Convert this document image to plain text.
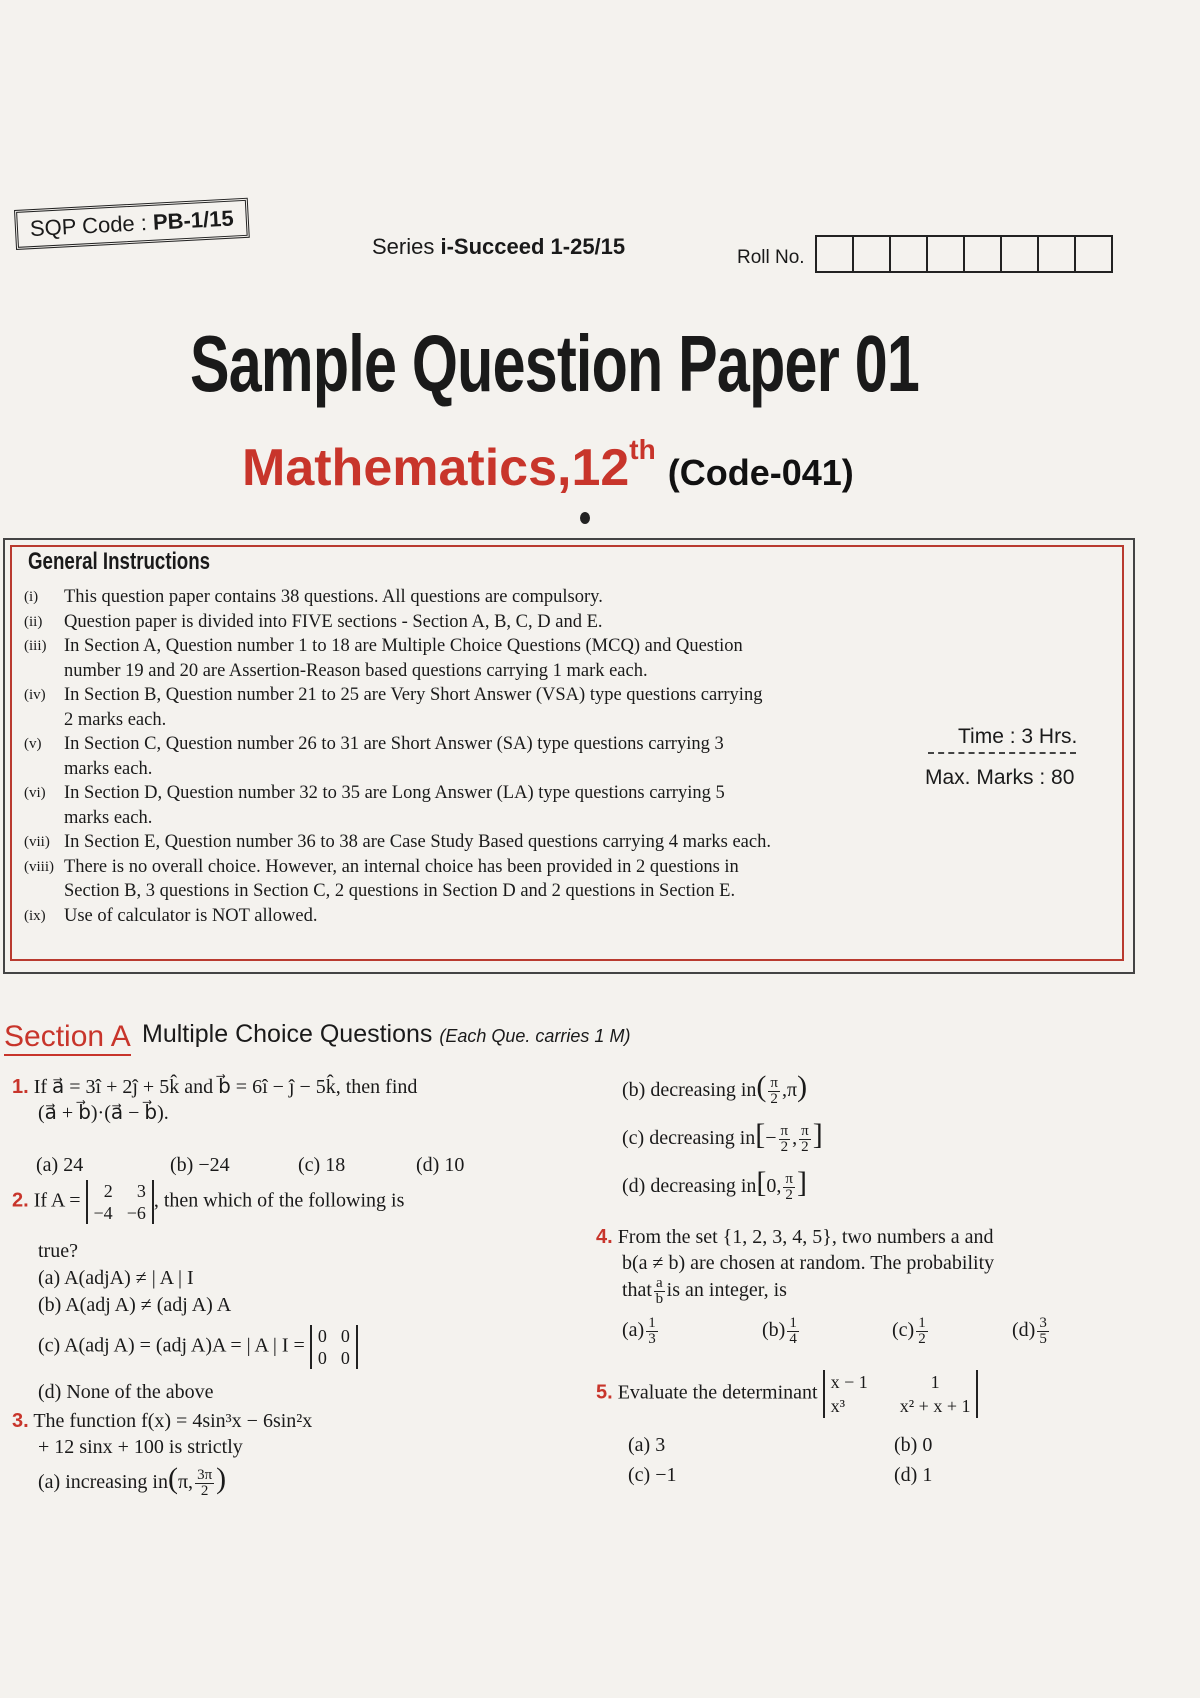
SQP Code : PB-1/15
Series i-Succeed 1-25/15	Roll No.
Sample Question Paper 01
Mathematics,12th(Code-041)
General Instructions
(i)	This question paper contains 38 questions. All questions are compulsory.
(ii)	Question paper is divided into FIVE sections - Section A, B, C, D and E.
(iii) In Section A, Question number 1 to 18 are Multiple Choice Questions (MCQ) and Question
number 19 and 20 are Assertion-Reason based questions carrying 1 mark each.
(iv) In Section B, Question number 21 to 25 are Very Short Answer (VSA) type questions carrying
2 marks each.
(v)	In Section C, Question number 26 to 31 are Short Answer (SA) type questions carrying 3
marks each.
(vi) In Section D, Question number 32 to 35 are Long Answer (LA) type questions carrying 5
marks each.
(vii) In Section E, Question number 36 to 38 are Case Study Based questions carrying 4 marks each.
(viii) There is no overall choice. However, an internal choice has been provided in 2 questions in
Section B, 3 questions in Section C, 2 questions in Section D and 2 questions in Section E.
(ix) Use of calculator is NOT allowed.
Time : 3 Hrs.
Max. Marks : 80
Section A Multiple Choice Questions (Each Que. carries 1 M)
1. If a⃗ = 3î + 2ĵ + 5k̂ and b⃗ = 6î − ĵ − 5k̂, then find
(a⃗ + b⃗)·(a⃗ − b⃗).
(a) 24	(b) −24	(c) 18	(d) 10
2. If A =	2	3
−4 −6
, then which of the following is
true?
(a) A(adjA) ≠ | A | I
(b) A(adj A) ≠ (adj A) A
(c) A(adj A) = (adj A)A = | A | I = 0 0
0 0
(d) None of the above
3. The function f(x) = 4sin³x − 6sin²x
+ 12 sinx + 100 is strictly
(a) increasing in(π, $\frac{3\pi}{2}$ )
(b) decreasing $in( \frac{\pi}{2} ,\pi)$
(c) decreasing $in[- \frac{\pi}{2}$ , $\frac{\pi}{2}$ ]
(d) decreasing in[0, $\frac{\pi}{2}$ ]
4. From the set {1, 2, 3, 4, 5}, two numbers a and
b(a ≠ b) are chosen at random. The probability
that $\frac{a}{b}$ is an integer, is
$(a) \frac{1}{3}$	$(b) \frac{1}{4}$	$(c) \frac{1}{2}$	$(d) \frac{3}{5}$
5. Evaluate the determinant x − 1	1
x³	x² + x + 1
(a) 3	(b) 0
(c) −1	(d) 1
